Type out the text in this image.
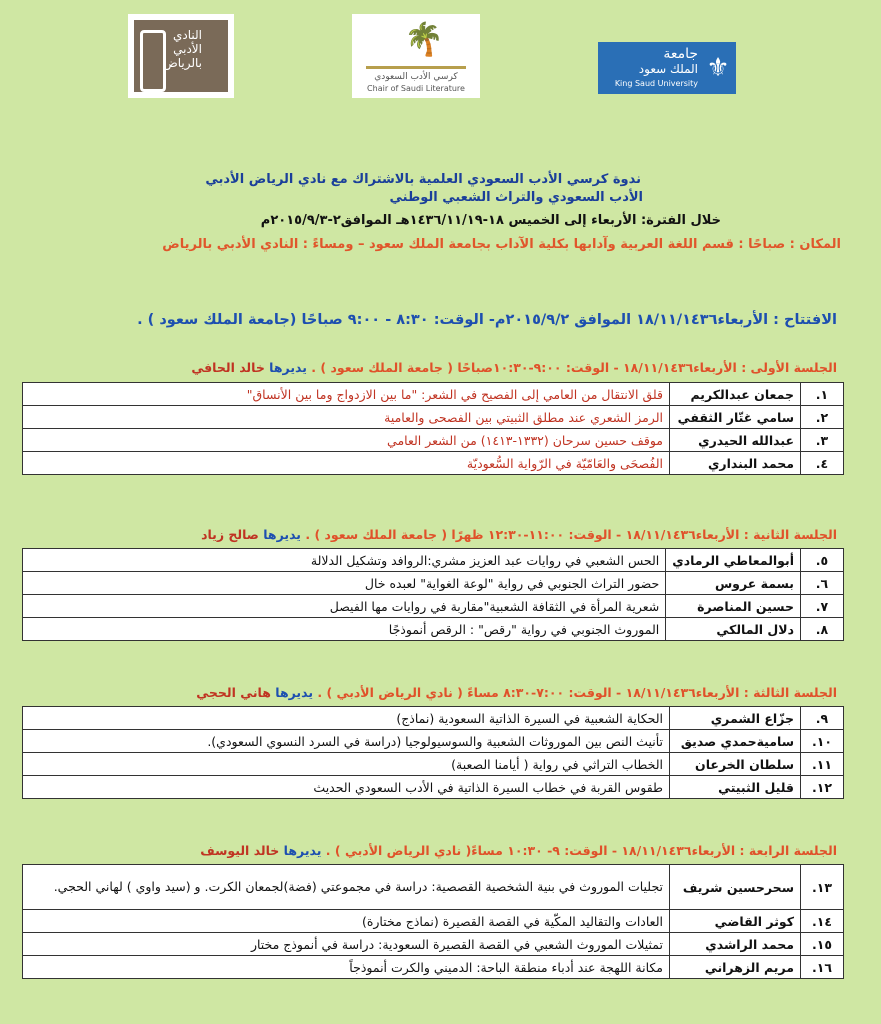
النادي
الأدبي
بالرياض
🌴
كرسي الأدب السعودي
Chair of Saudi Literature
⚜
جامعة
الملك سعود
King Saud University
ندوة كرسي الأدب السعودي العلمية بالاشتراك مع نادي الرياض الأدبي
الأدب السعودي والتراث الشعبي الوطني
خلال الفترة: الأربعاء إلى الخميس ١٨-١٤٣٦/١١/١٩هـ الموافق٢-٢٠١٥/٩/٣م
المكان : صباحًا : قسم اللغة العربية وآدابها بكلية الآداب بجامعة الملك سعود – ومساءً : النادي الأدبي بالرياض
الافتتاح : الأربعاء١٨/١١/١٤٣٦ الموافق ٢٠١٥/٩/٢م- الوقت: ٨:٣٠ - ٩:٠٠ صباحًا (جامعة الملك سعود ) .
الجلسة الأولى : الأربعاء١٨/١١/١٤٣٦ - الوقت: ٩:٠٠-١٠:٣٠صباحًا ( جامعة الملك سعود ) . يديرها خالد الحافي
١.	جمعان عبدالكريم	قلق الانتقال من العامي إلى الفصيح في الشعر: "ما بين الازدواج وما بين الأنساق"
٢.	سامي غتّار الثقفي	الرمز الشعري عند مطلق الثبيتي بين الفصحى والعامية
٣.	عبدالله الحيدري	موقف حسين سرحان (١٣٣٢-١٤١٣) من الشعر العامي
٤.	محمد البنداري	الفُصحَى والعَامّيّة في الرّواية السُّعوديّة
الجلسة الثانية : الأربعاء١٨/١١/١٤٣٦ - الوقت: ١١:٠٠-١٢:٣٠ ظهرًا ( جامعة الملك سعود ) . يديرها صالح زياد
٥.	أبوالمعاطي الرمادي	الحس الشعبي في روايات عبد العزيز مشري:الروافد وتشكيل الدلالة
٦.	بسمة عروس	حضور التراث الجنوبي في رواية "لوعة الغواية" لعبده خال
٧.	حسين المناصرة	شعرية المرأة في الثقافة الشعبية"مقاربة في روايات مها الفيصل
٨.	دلال المالكي	الموروث الجنوبي في رواية "رقص" : الرقص أنموذجًا
الجلسة الثالثة : الأربعاء١٨/١١/١٤٣٦ - الوقت: ٧:٠٠-٨:٣٠ مساءً ( نادي الرياض الأدبي ) . يديرها هاني الحجي
٩.	جزّاع الشمري	الحكاية الشعبية في السيرة الذاتية السعودية (نماذج)
١٠.	ساميةحمدي صديق	تأنيث النص بين الموروثات الشعبية والسوسيولوجيا (دراسة في السرد النسوي السعودي).
١١.	سلطان الخرعان	الخطاب التراثي في رواية ( أيامنا الصعبة)
١٢.	قليل الثبيتي	طقوس القربة في خطاب السيرة الذاتية في الأدب السعودي الحديث
الجلسة الرابعة : الأربعاء١٨/١١/١٤٣٦ - الوقت: ٩- ١٠:٣٠ مساءً( نادي الرياض الأدبي ) . يديرها خالد اليوسف
١٣.	سحرحسين شريف	تجليات الموروث في بنية الشخصية القصصية: دراسة في مجموعتي (فضة)لجمعان الكرت. و (سيد واوي ) لهاني الحجي.
١٤.	كوثر القاضي	العادات والتقاليد المكّية في القصة القصيرة (نماذج مختارة)
١٥.	محمد الراشدي	تمثيلات الموروث الشعبي في القصة القصيرة السعودية: دراسة في أنموذج مختار
١٦.	مريم الزهراني	مكانة اللهجة عند أدباء منطقة الباحة: الدميني والكرت أنموذجاً
